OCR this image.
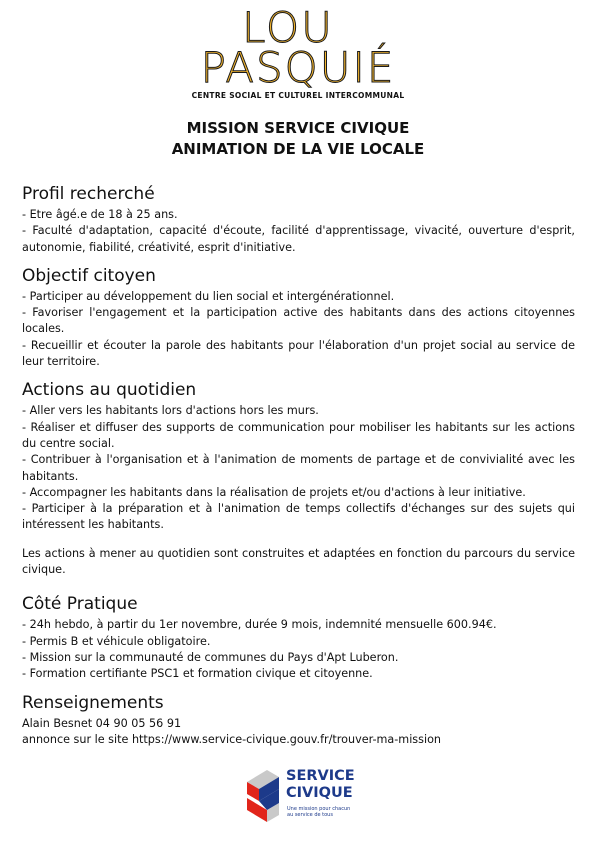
LOU
PASQUIÉ
CENTRE SOCIAL ET CULTUREL INTERCOMMUNAL
MISSION SERVICE CIVIQUE
ANIMATION DE LA VIE LOCALE
Profil recherché

- Etre âgé.e de 18 à 25 ans.

- Faculté d'adaptation, capacité d'écoute, facilité d'apprentissage, vivacité, ouverture d'esprit, autonomie, fiabilité, créativité, esprit d'initiative.

Objectif citoyen

- Participer au développement du lien social et intergénérationnel.

- Favoriser l'engagement et la participation active des habitants dans des actions citoyennes locales.

- Recueillir et écouter la parole des habitants pour l'élaboration d'un projet social au service de leur territoire.

Actions au quotidien

- Aller vers les habitants lors d'actions hors les murs.

- Réaliser et diffuser des supports de communication pour mobiliser les habitants sur les actions du centre social.

- Contribuer à l'organisation et à l'animation de moments de partage et de convivialité avec les habitants.

- Accompagner les habitants dans la réalisation de projets et/ou d'actions à leur initiative.

- Participer à la préparation et à l'animation de temps collectifs d'échanges sur des sujets qui intéressent les habitants.

Les actions à mener au quotidien sont construites et adaptées en fonction du parcours du service civique.

Côté Pratique

- 24h hebdo, à partir du 1er novembre, durée 9 mois, indemnité mensuelle 600.94€.

- Permis B et véhicule obligatoire.

- Mission sur la communauté de communes du Pays d'Apt Luberon.

- Formation certifiante PSC1 et formation civique et citoyenne.

Renseignements

Alain Besnet 04 90 05 56 91

annonce sur le site https://www.service-civique.gouv.fr/trouver-ma-mission

SERVICE
CIVIQUE
Une mission pour chacun au service de tous
